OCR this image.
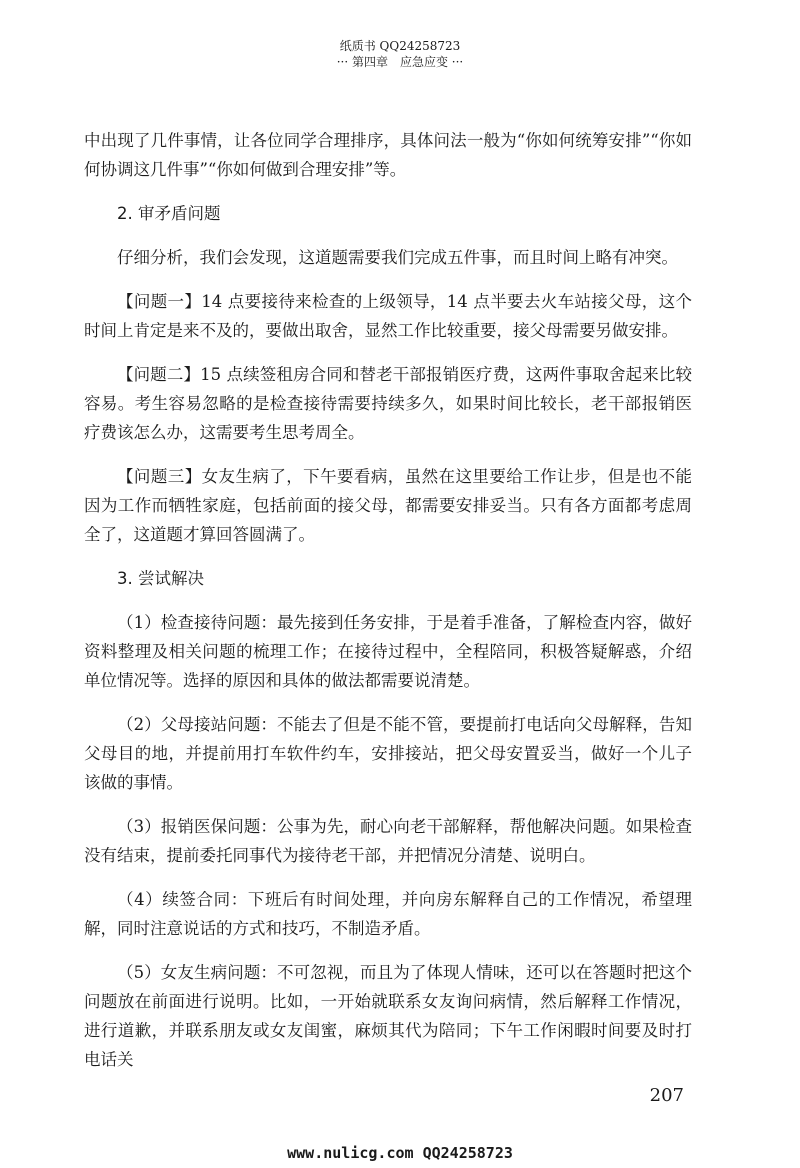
纸质书 QQ24258723
··· 第四章　应急应变 ···

中出现了几件事情，让各位同学合理排序，具体问法一般为“你如何统筹安排”“你如何协调这几件事”“你如何做到合理安排”等。

2. 审矛盾问题

仔细分析，我们会发现，这道题需要我们完成五件事，而且时间上略有冲突。

【问题一】14 点要接待来检查的上级领导，14 点半要去火车站接父母，这个时间上肯定是来不及的，要做出取舍，显然工作比较重要，接父母需要另做安排。

【问题二】15 点续签租房合同和替老干部报销医疗费，这两件事取舍起来比较容易。考生容易忽略的是检查接待需要持续多久，如果时间比较长，老干部报销医疗费该怎么办，这需要考生思考周全。

【问题三】女友生病了，下午要看病，虽然在这里要给工作让步，但是也不能因为工作而牺牲家庭，包括前面的接父母，都需要安排妥当。只有各方面都考虑周全了，这道题才算回答圆满了。

3. 尝试解决

（1）检查接待问题：最先接到任务安排，于是着手准备，了解检查内容，做好资料整理及相关问题的梳理工作；在接待过程中，全程陪同，积极答疑解惑，介绍单位情况等。选择的原因和具体的做法都需要说清楚。

（2）父母接站问题：不能去了但是不能不管，要提前打电话向父母解释，告知父母目的地，并提前用打车软件约车，安排接站，把父母安置妥当，做好一个儿子该做的事情。

（3）报销医保问题：公事为先，耐心向老干部解释，帮他解决问题。如果检查没有结束，提前委托同事代为接待老干部，并把情况分清楚、说明白。

（4）续签合同：下班后有时间处理，并向房东解释自己的工作情况，希望理解，同时注意说话的方式和技巧，不制造矛盾。

（5）女友生病问题：不可忽视，而且为了体现人情味，还可以在答题时把这个问题放在前面进行说明。比如，一开始就联系女友询问病情，然后解释工作情况，进行道歉，并联系朋友或女友闺蜜，麻烦其代为陪同；下午工作闲暇时间要及时打电话关

207
www.nulicg.com QQ24258723
